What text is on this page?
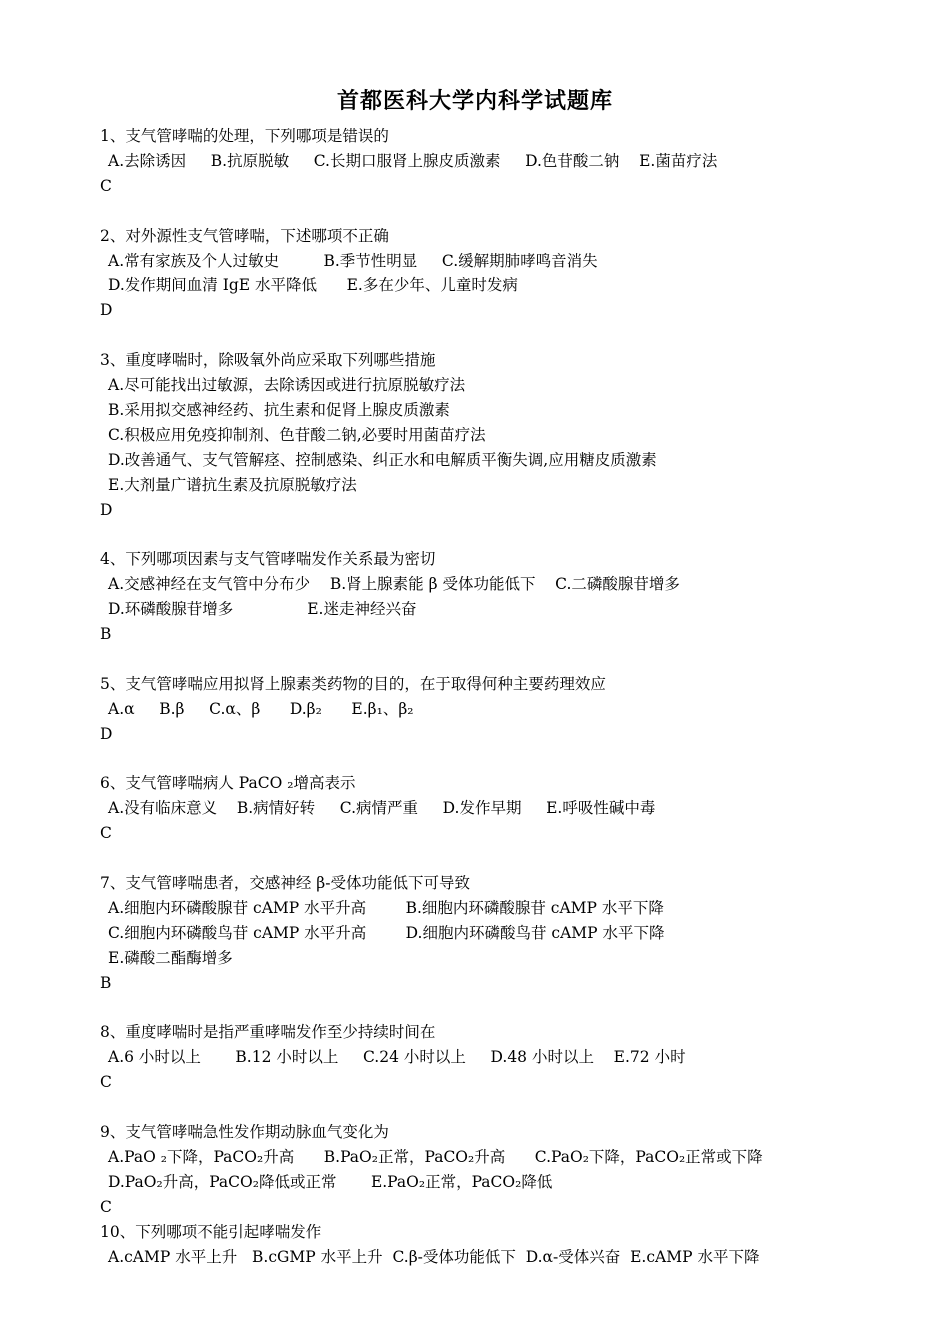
首都医科大学内科学试题库
1、支气管哮喘的处理，下列哪项是错误的
A.去除诱因     B.抗原脱敏     C.长期口服肾上腺皮质激素     D.色苷酸二钠    E.菌苗疗法
C
2、对外源性支气管哮喘，下述哪项不正确
A.常有家族及个人过敏史         B.季节性明显     C.缓解期肺哮鸣音消失
D.发作期间血清 IgE 水平降低      E.多在少年、儿童时发病
D
3、重度哮喘时，除吸氧外尚应采取下列哪些措施
A.尽可能找出过敏源，去除诱因或进行抗原脱敏疗法
B.采用拟交感神经药、抗生素和促肾上腺皮质激素
C.积极应用免疫抑制剂、色苷酸二钠,必要时用菌苗疗法
D.改善通气、支气管解痉、控制感染、纠正水和电解质平衡失调,应用糖皮质激素
E.大剂量广谱抗生素及抗原脱敏疗法
D
4、下列哪项因素与支气管哮喘发作关系最为密切
A.交感神经在支气管中分布少    B.肾上腺素能 β 受体功能低下    C.二磷酸腺苷增多
D.环磷酸腺苷增多               E.迷走神经兴奋
B
5、支气管哮喘应用拟肾上腺素类药物的目的，在于取得何种主要药理效应
A.α     B.β     C.α、β      D.β₂      E.β₁、β₂
D
6、支气管哮喘病人 PaCO ₂增高表示
A.没有临床意义    B.病情好转     C.病情严重     D.发作早期     E.呼吸性碱中毒
C
7、支气管哮喘患者，交感神经 β-受体功能低下可导致
A.细胞内环磷酸腺苷 cAMP 水平升高        B.细胞内环磷酸腺苷 cAMP 水平下降
C.细胞内环磷酸鸟苷 cAMP 水平升高        D.细胞内环磷酸鸟苷 cAMP 水平下降
E.磷酸二酯酶增多
B
8、重度哮喘时是指严重哮喘发作至少持续时间在
A.6 小时以上       B.12 小时以上     C.24 小时以上     D.48 小时以上    E.72 小时
C
9、支气管哮喘急性发作期动脉血气变化为
A.PaO ₂下降，PaCO₂升高      B.PaO₂正常，PaCO₂升高      C.PaO₂下降，PaCO₂正常或下降
D.PaO₂升高，PaCO₂降低或正常       E.PaO₂正常，PaCO₂降低
C
10、下列哪项不能引起哮喘发作
A.cAMP 水平上升   B.cGMP 水平上升  C.β-受体功能低下  D.α-受体兴奋  E.cAMP 水平下降
